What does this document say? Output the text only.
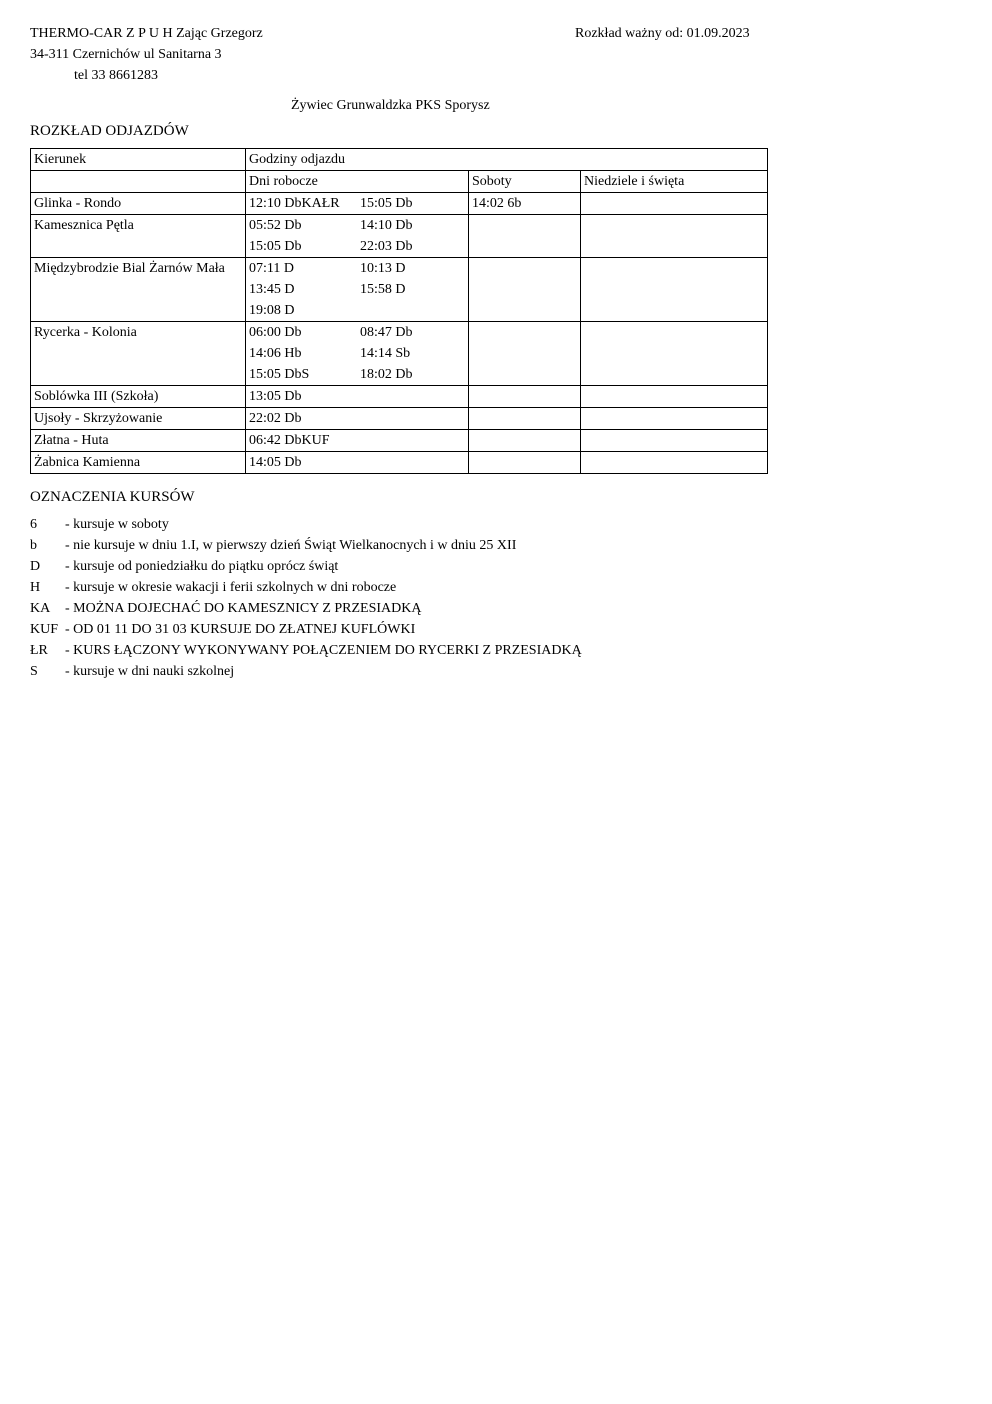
THERMO-CAR Z P U H Zając Grzegorz
34-311 Czernichów ul Sanitarna 3
tel 33 8661283
Rozkład ważny od: 01.09.2023
Żywiec Grunwaldzka PKS Sporysz
ROZKŁAD ODJAZDÓW
Kierunek	Godziny odjazdu		
	Dni robocze	Soboty	Niedziele i święta
Glinka - Rondo	12:10 DbKAŁR 15:05 Db	14:02 6b	

Kamesznica Pętla	05:52 Db 14:10 Db
15:05 Db 22:03 Db		

Międzybrodzie Bial Żarnów Mała	07:11 D 10:13 D
13:45 D 15:58 D
19:08 D		

Rycerka - Kolonia	06:00 Db 08:47 Db
14:06 Hb 14:14 Sb
15:05 DbS 18:02 Db		

Soblówka III (Szkoła)	13:05 Db		

Ujsoły - Skrzyżowanie	22:02 Db		

Złatna - Huta	06:42 DbKUF		

Żabnica Kamienna	14:05 Db		

OZNACZENIA KURSÓW
6 - kursuje w soboty
b - nie kursuje w dniu 1.I, w pierwszy dzień Świąt Wielkanocnych i w dniu 25 XII
D - kursuje od poniedziałku do piątku oprócz świąt
H - kursuje w okresie wakacji i ferii szkolnych w dni robocze
KA - MOŻNA DOJECHAĆ DO KAMESZNICY Z PRZESIADKĄ
KUF - OD 01 11 DO 31 03 KURSUJE DO ZŁATNEJ KUFLÓWKI
ŁR - KURS ŁĄCZONY WYKONYWANY POŁĄCZENIEM DO RYCERKI Z PRZESIADKĄ
S - kursuje w dni nauki szkolnej
